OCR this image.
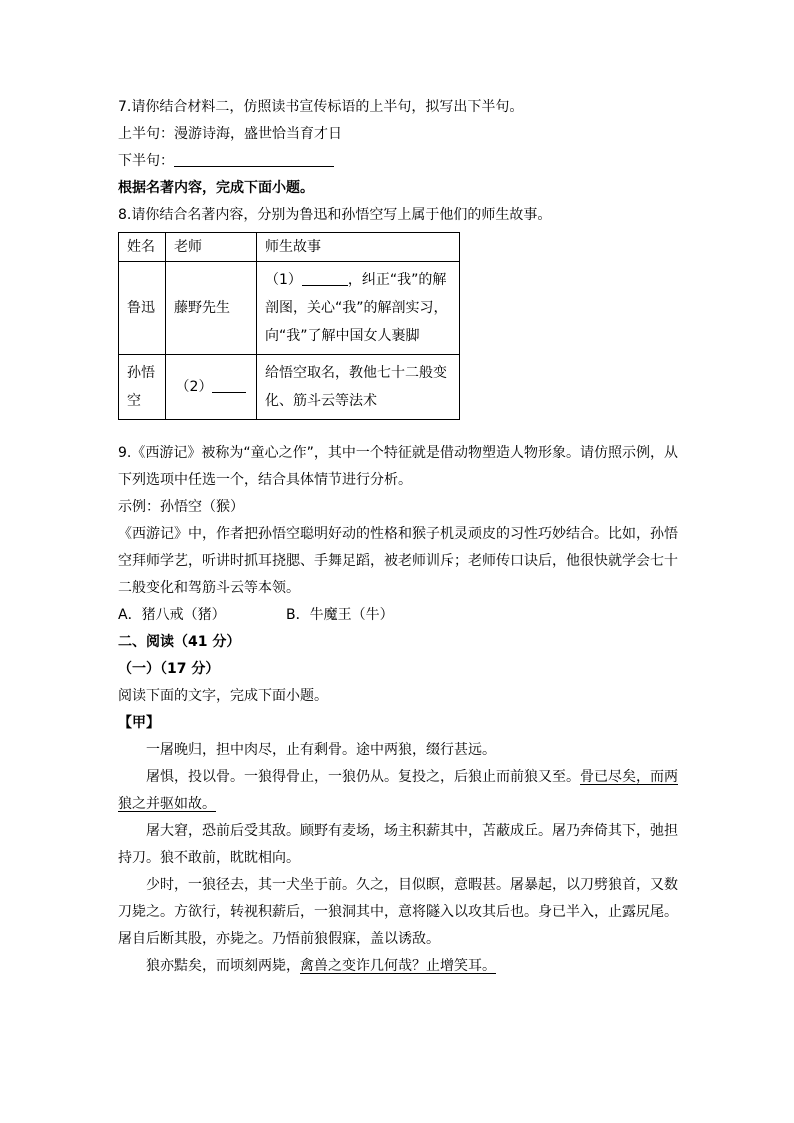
7.请你结合材料二，仿照读书宣传标语的上半句，拟写出下半句。
上半句：漫游诗海，盛世恰当育才日
下半句：
根据名著内容，完成下面小题。
8.请你结合名著内容，分别为鲁迅和孙悟空写上属于他们的师生故事。
姓名	老师	师生故事
鲁迅	藤野先生	（1） ，纠正“我”的解剖图，关心“我”的解剖实习，向“我”了解中国女人裹脚
孙悟空	（2）	给悟空取名，教他七十二般变化、筋斗云等法术
9.《西游记》被称为“童心之作”，其中一个特征就是借动物塑造人物形象。请仿照示例，从下列选项中任选一个，结合具体情节进行分析。
示例：孙悟空（猴）
《西游记》中，作者把孙悟空聪明好动的性格和猴子机灵顽皮的习性巧妙结合。比如，孙悟空拜师学艺，听讲时抓耳挠腮、手舞足蹈，被老师训斥；老师传口诀后，他很快就学会七十二般变化和驾筋斗云等本领。
A．猪八戒（猪）	B．牛魔王（牛）
二、阅读（41 分）
（一）（17 分）
阅读下面的文字，完成下面小题。
【甲】
一屠晚归，担中肉尽，止有剩骨。途中两狼，缀行甚远。
屠惧，投以骨。一狼得骨止，一狼仍从。复投之，后狼止而前狼又至。骨已尽矣，而两狼之并驱如故。
屠大窘，恐前后受其敌。顾野有麦场，场主积薪其中，苫蔽成丘。屠乃奔倚其下，弛担持刀。狼不敢前，眈眈相向。
少时，一狼径去，其一犬坐于前。久之，目似瞑，意暇甚。屠暴起，以刀劈狼首，又数刀毙之。方欲行，转视积薪后，一狼洞其中，意将隧入以攻其后也。身已半入，止露尻尾。屠自后断其股，亦毙之。乃悟前狼假寐，盖以诱敌。
狼亦黠矣，而顷刻两毙，禽兽之变诈几何哉？止增笑耳。
